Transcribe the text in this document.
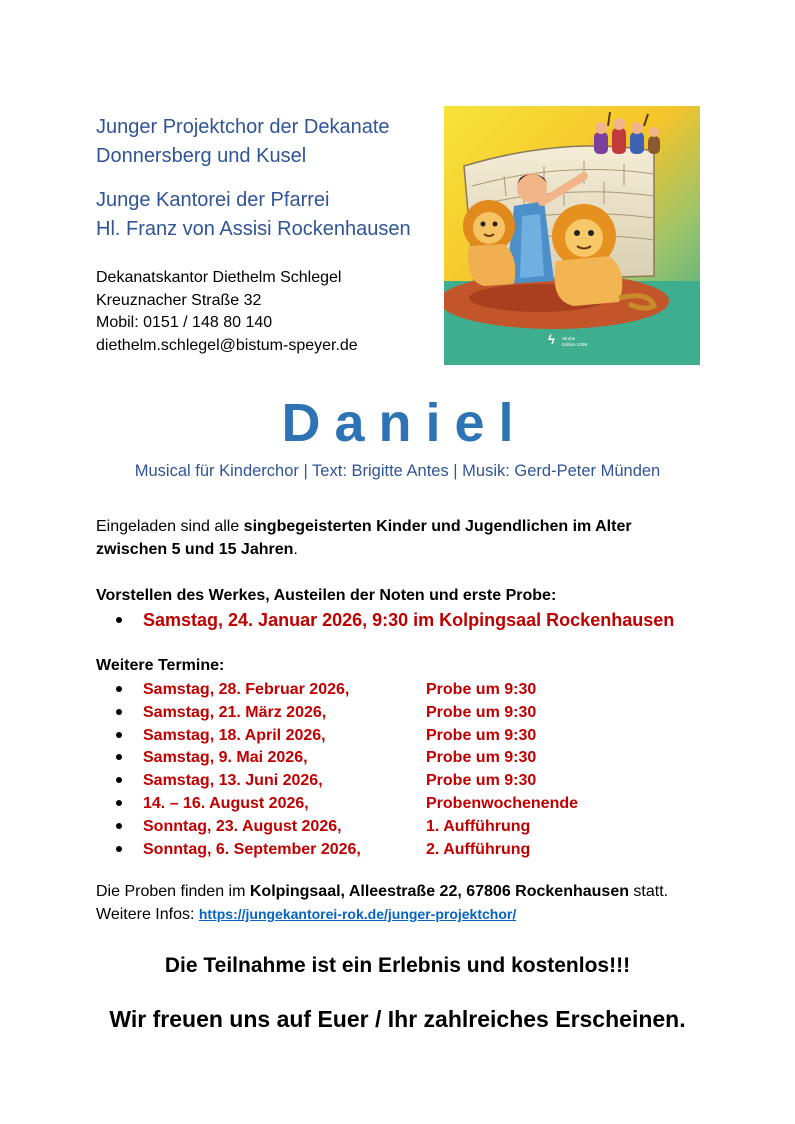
Junger Projektchor der Dekanate
Donnersberg und Kusel
Junge Kantorei der Pfarrei
Hl. Franz von Assisi Rockenhausen
Dekanatskantor Diethelm Schlegel
Kreuznacher Straße 32
Mobil: 0151 / 148 80 140
diethelm.schlegel@bistum-speyer.de	ϟ Strube
Edition 6299
Daniel
Musical für Kinderchor | Text: Brigitte Antes | Musik: Gerd-Peter Münden
Eingeladen sind alle singbegeisterten Kinder und Jugendlichen im Alter
zwischen 5 und 15 Jahren.
Vorstellen des Werkes, Austeilen der Noten und erste Probe:
Samstag, 24. Januar 2026, 9:30 im Kolpingsaal Rockenhausen
Weitere Termine:
Samstag, 28. Februar 2026,	Probe um 9:30
Samstag, 21. März 2026,	Probe um 9:30
Samstag, 18. April 2026,	Probe um 9:30
Samstag, 9. Mai 2026,	Probe um 9:30
Samstag, 13. Juni 2026,	Probe um 9:30
14. – 16. August 2026,	Probenwochenende
Sonntag, 23. August 2026,	1. Aufführung
Sonntag, 6. September 2026,	2. Aufführung
Die Proben finden im Kolpingsaal, Alleestraße 22, 67806 Rockenhausen statt.
Weitere Infos: https://jungekantorei-rok.de/junger-projektchor/
Die Teilnahme ist ein Erlebnis und kostenlos!!!
Wir freuen uns auf Euer / Ihr zahlreiches Erscheinen.
